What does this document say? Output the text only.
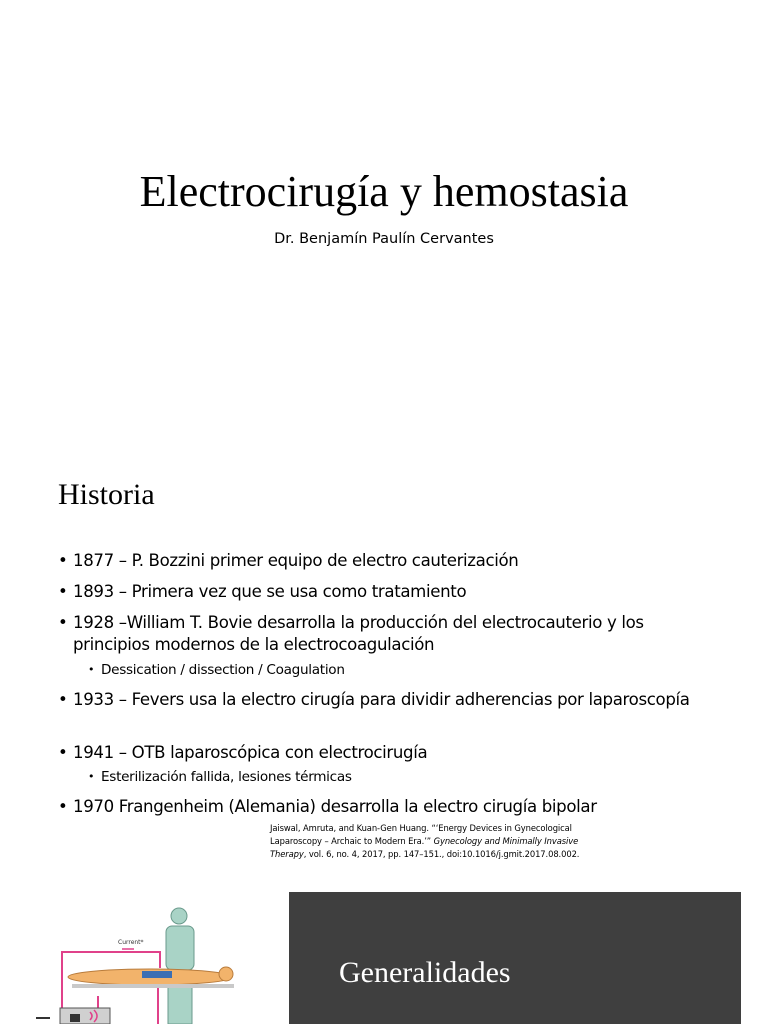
Electrocirugía y hemostasia

Dr. Benjamín Paulín Cervantes

Historia
• 1877 – P. Bozzini primer equipo de electro cauterización
• 1893 – Primera vez que se usa como tratamiento
• 1928 –William T. Bovie desarrolla la producción del electrocauterio y los principios modernos de la electrocoagulación
• Dessication / dissection / Coagulation
• 1933 – Fevers usa la electro cirugía para dividir adherencias por laparoscopía
• 1941 – OTB laparoscópica con electrocirugía
• Esterilización fallida, lesiones térmicas
• 1970 Frangenheim (Alemania) desarrolla la electro cirugía bipolar
Jaiswal, Amruta, and Kuan-Gen Huang. “‘Energy Devices in Gynecological
Laparoscopy – Archaic to Modern Era.’” Gynecology and Minimally Invasive
Therapy, vol. 6, no. 4, 2017, pp. 147–151., doi:10.1016/j.gmit.2017.08.002.
Current*
Generalidades
